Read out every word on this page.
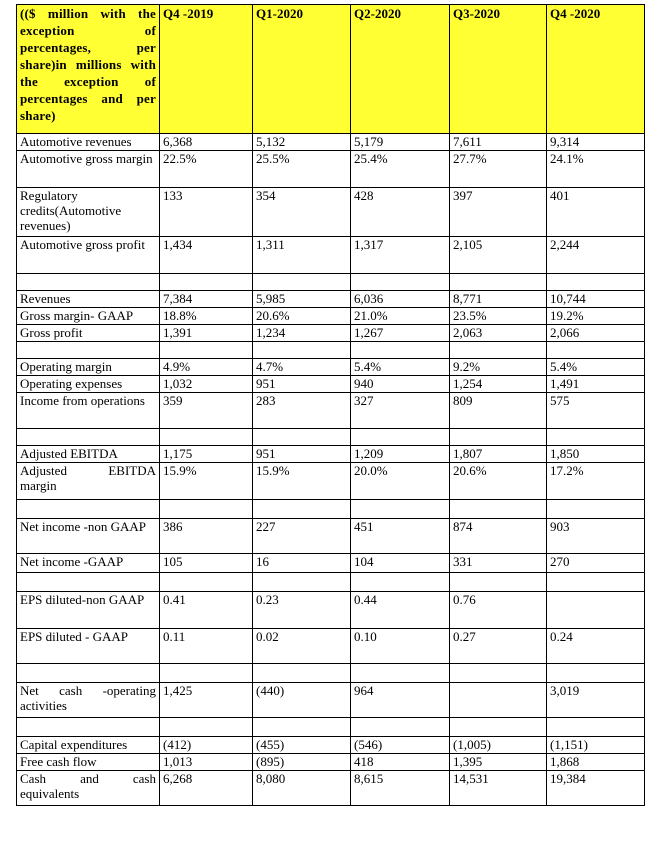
(($ million with the exception of percentages, per share)in millions with the exception of percentages and per share)	Q4 -2019	Q1-2020	Q2-2020	Q3-2020	Q4 -2020
Automotive revenues	6,368	5,132	5,179	7,611	9,314
Automotive gross margin	22.5%	25.5%	25.4%	27.7%	24.1%
Regulatory credits(Automotive revenues)	133	354	428	397	401
Automotive gross profit	1,434	1,311	1,317	2,105	2,244

Revenues	7,384	5,985	6,036	8,771	10,744
Gross margin- GAAP	18.8%	20.6%	21.0%	23.5%	19.2%
Gross profit	1,391	1,234	1,267	2,063	2,066

Operating margin	4.9%	4.7%	5.4%	9.2%	5.4%
Operating expenses	1,032	951	940	1,254	1,491
Income from operations	359	283	327	809	575

Adjusted EBITDA	1,175	951	1,209	1,807	1,850
Adjusted EBITDA margin	15.9%	15.9%	20.0%	20.6%	17.2%

Net income -non GAAP	386	227	451	874	903
Net income -GAAP	105	16	104	331	270

EPS diluted-non GAAP	0.41	0.23	0.44	0.76	
EPS diluted - GAAP	0.11	0.02	0.10	0.27	0.24

Net cash -operating activities	1,425	(440)	964		3,019

Capital expenditures	(412)	(455)	(546)	(1,005)	(1,151)
Free cash flow	1,013	(895)	418	1,395	1,868
Cash and cash equivalents	6,268	8,080	8,615	14,531	19,384
